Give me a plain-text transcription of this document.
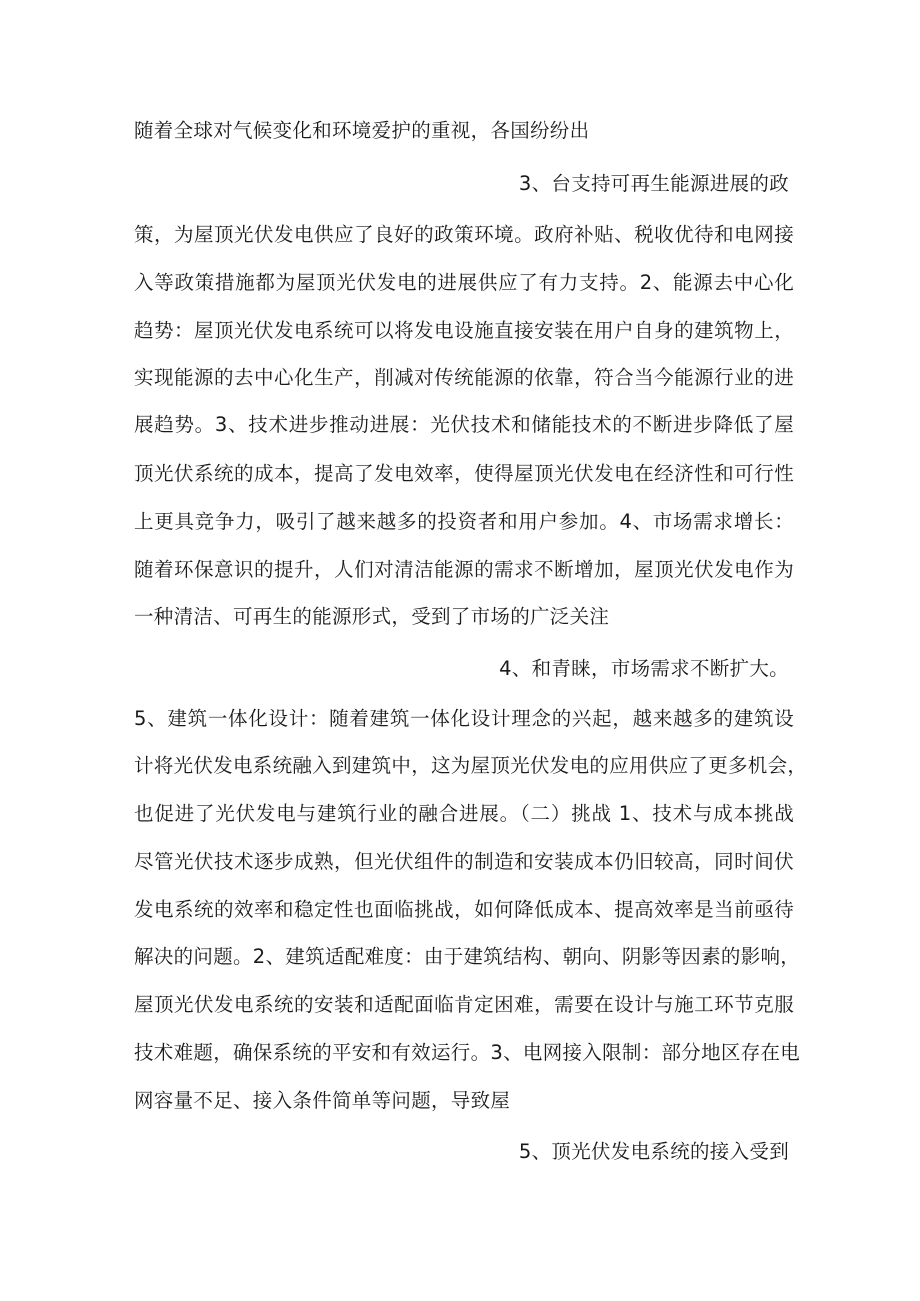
随着全球对气候变化和环境爱护的重视，各国纷纷出
3、台支持可再生能源进展的政
策，为屋顶光伏发电供应了良好的政策环境。政府补贴、税收优待和电网接
入等政策措施都为屋顶光伏发电的进展供应了有力支持。2、能源去中心化
趋势：屋顶光伏发电系统可以将发电设施直接安装在用户自身的建筑物上，
实现能源的去中心化生产，削减对传统能源的依靠，符合当今能源行业的进
展趋势。3、技术进步推动进展：光伏技术和储能技术的不断进步降低了屋
顶光伏系统的成本，提高了发电效率，使得屋顶光伏发电在经济性和可行性
上更具竞争力，吸引了越来越多的投资者和用户参加。4、市场需求增长：
随着环保意识的提升，人们对清洁能源的需求不断增加，屋顶光伏发电作为
一种清洁、可再生的能源形式，受到了市场的广泛关注
4、和青睐，市场需求不断扩大。
5、建筑一体化设计：随着建筑一体化设计理念的兴起，越来越多的建筑设
计将光伏发电系统融入到建筑中，这为屋顶光伏发电的应用供应了更多机会，
也促进了光伏发电与建筑行业的融合进展。（二）挑战 1、技术与成本挑战
尽管光伏技术逐步成熟，但光伏组件的制造和安装成本仍旧较高，同时间伏
发电系统的效率和稳定性也面临挑战，如何降低成本、提高效率是当前亟待
解决的问题。2、建筑适配难度：由于建筑结构、朝向、阴影等因素的影响，
屋顶光伏发电系统的安装和适配面临肯定困难，需要在设计与施工环节克服
技术难题，确保系统的平安和有效运行。3、电网接入限制：部分地区存在电
网容量不足、接入条件简单等问题，导致屋
5、顶光伏发电系统的接入受到
